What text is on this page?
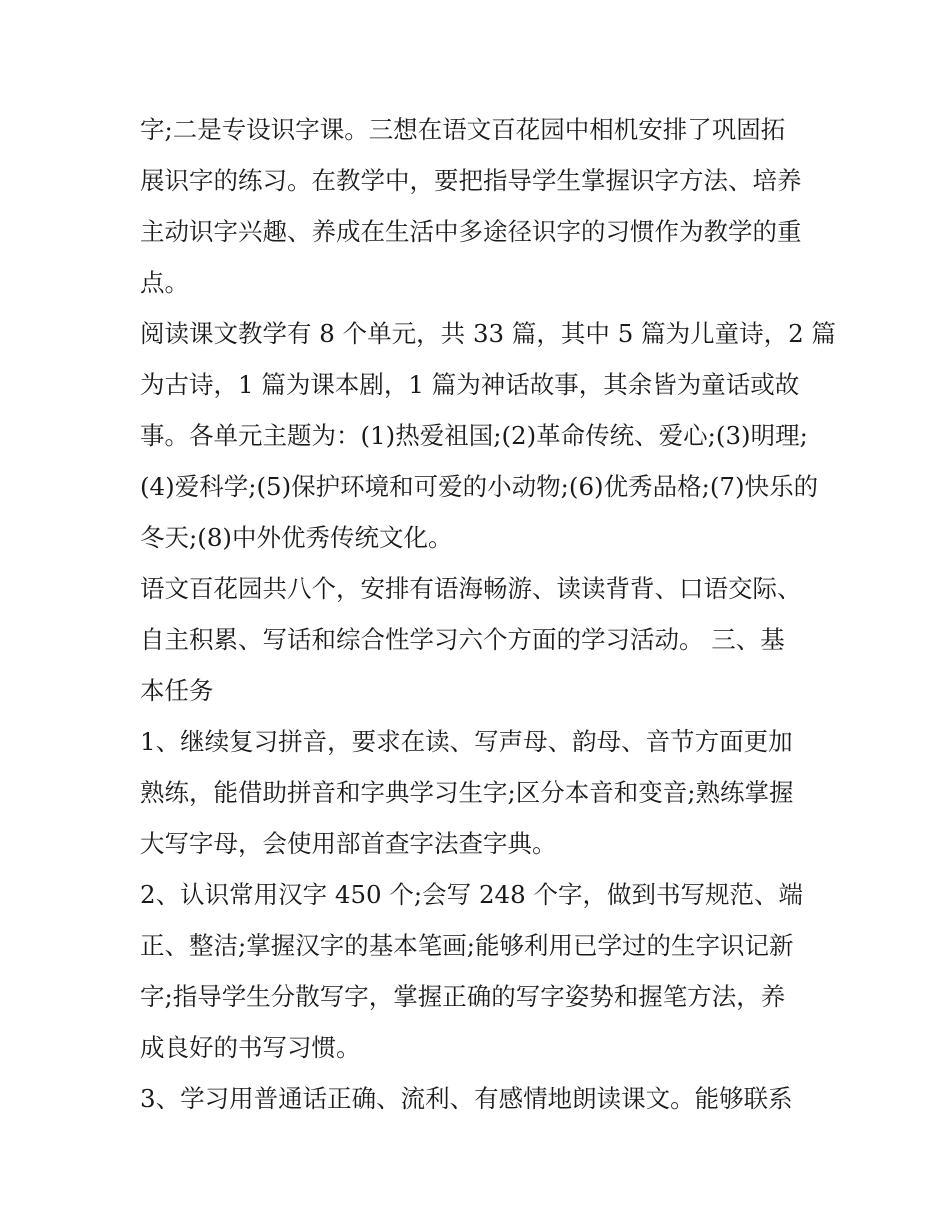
字;二是专设识字课。三想在语文百花园中相机安排了巩固拓
展识字的练习。在教学中，要把指导学生掌握识字方法、培养
主动识字兴趣、养成在生活中多途径识字的习惯作为教学的重
点。
阅读课文教学有 8 个单元，共 33 篇，其中 5 篇为儿童诗，2 篇
为古诗，1 篇为课本剧，1 篇为神话故事，其余皆为童话或故
事。各单元主题为：(1)热爱祖国;(2)革命传统、爱心;(3)明理;
(4)爱科学;(5)保护环境和可爱的小动物;(6)优秀品格;(7)快乐的
冬天;(8)中外优秀传统文化。
语文百花园共八个，安排有语海畅游、读读背背、口语交际、
自主积累、写话和综合性学习六个方面的学习活动。 三、基
本任务
1、继续复习拼音，要求在读、写声母、韵母、音节方面更加
熟练，能借助拼音和字典学习生字;区分本音和变音;熟练掌握
大写字母，会使用部首查字法查字典。
2、认识常用汉字 450 个;会写 248 个字，做到书写规范、端
正、整洁;掌握汉字的基本笔画;能够利用已学过的生字识记新
字;指导学生分散写字，掌握正确的写字姿势和握笔方法，养
成良好的书写习惯。
3、学习用普通话正确、流利、有感情地朗读课文。能够联系
